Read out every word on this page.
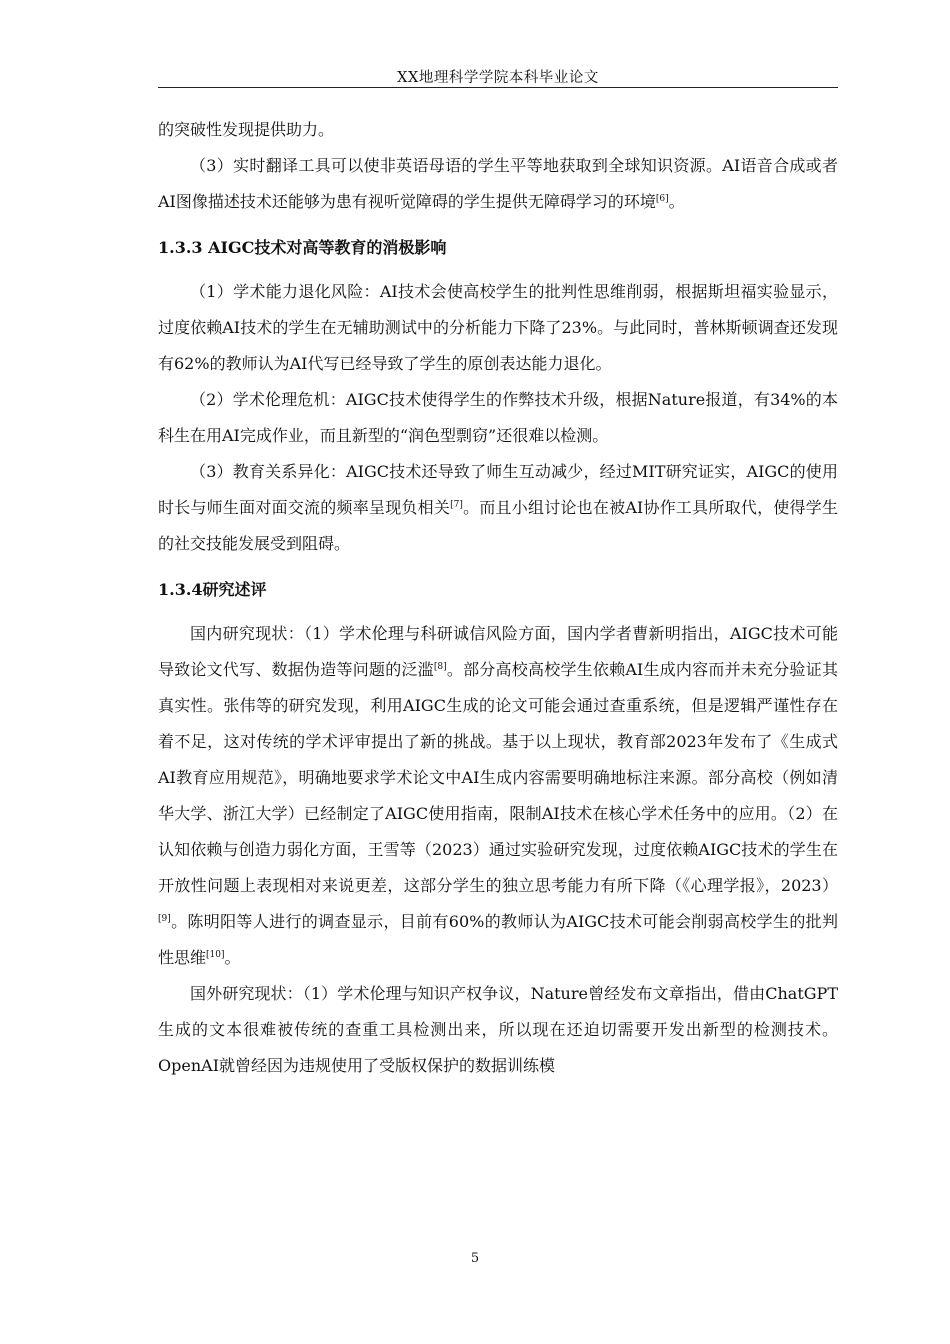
XX地理科学学院本科毕业论文

的突破性发现提供助力。

（3）实时翻译工具可以使非英语母语的学生平等地获取到全球知识资源。AI语音合成或者AI图像描述技术还能够为患有视听觉障碍的学生提供无障碍学习的环境[6]。

1.3.3 AIGC技术对高等教育的消极影响

（1）学术能力退化风险：AI技术会使高校学生的批判性思维削弱，根据斯坦福实验显示，过度依赖AI技术的学生在无辅助测试中的分析能力下降了23%。与此同时，普林斯顿调查还发现有62%的教师认为AI代写已经导致了学生的原创表达能力退化。

（2）学术伦理危机：AIGC技术使得学生的作弊技术升级，根据Nature报道，有34%的本科生在用AI完成作业，而且新型的“润色型剽窃”还很难以检测。

（3）教育关系异化：AIGC技术还导致了师生互动减少，经过MIT研究证实，AIGC的使用时长与师生面对面交流的频率呈现负相关[7]。而且小组讨论也在被AI协作工具所取代，使得学生的社交技能发展受到阻碍。

1.3.4研究述评

国内研究现状：（1）学术伦理与科研诚信风险方面，国内学者曹新明指出，AIGC技术可能导致论文代写、数据伪造等问题的泛滥[8]。部分高校高校学生依赖AI生成内容而并未充分验证其真实性。张伟等的研究发现，利用AIGC生成的论文可能会通过查重系统，但是逻辑严谨性存在着不足，这对传统的学术评审提出了新的挑战。基于以上现状，教育部2023年发布了《生成式AI教育应用规范》，明确地要求学术论文中AI生成内容需要明确地标注来源。部分高校（例如清华大学、浙江大学）已经制定了AIGC使用指南，限制AI技术在核心学术任务中的应用。（2）在认知依赖与创造力弱化方面，王雪等（2023）通过实验研究发现，过度依赖AIGC技术的学生在开放性问题上表现相对来说更差，这部分学生的独立思考能力有所下降（《心理学报》，2023）[9]。陈明阳等人进行的调查显示，目前有60%的教师认为AIGC技术可能会削弱高校学生的批判性思维[10]。

国外研究现状：（1）学术伦理与知识产权争议，Nature曾经发布文章指出，借由ChatGPT生成的文本很难被传统的查重工具检测出来，所以现在还迫切需要开发出新型的检测技术。OpenAI就曾经因为违规使用了受版权保护的数据训练模

5
